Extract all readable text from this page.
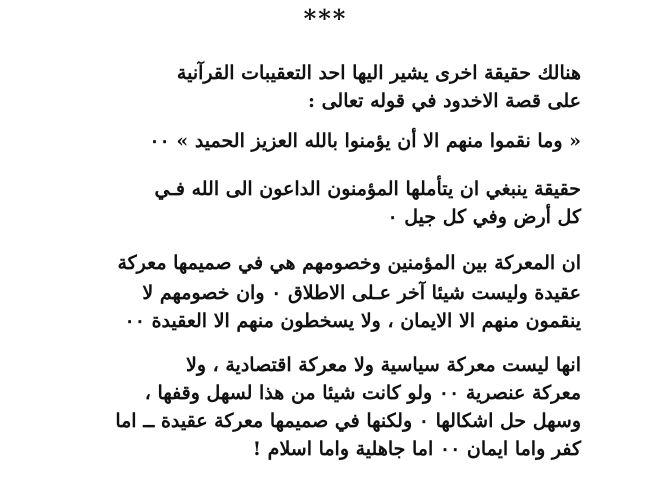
***

هنالك حقيقة اخرى يشير اليها احد التعقيبات القرآنية

على قصة الاخدود في قوله تعالى :

« وما نقموا منهم الا أن يؤمنوا بالله العزيز الحميد » ٠٠

حقيقة ينبغي ان يتأملها المؤمنون الداعون الى الله فـي

كل أرض وفي كل جيل ٠

ان المعركة بين المؤمنين وخصومهم هي في صميمها معركة

عقيدة وليست شيئا آخر عـلى الاطلاق ٠ وان خصومهم لا

ينقمون منهم الا الايمان ، ولا يسخطون منهم الا العقيدة ٠٠

انها ليست معركة سياسية ولا معركة اقتصادية ، ولا

معركة عنصرية ٠٠ ولو كانت شيئا من هذا لسهل وقفها ،

وسهل حل اشكالها ٠ ولكنها في صميمها معركة عقيدة ــ اما

كفر واما ايمان ٠٠ اما جاهلية واما اسلام !
